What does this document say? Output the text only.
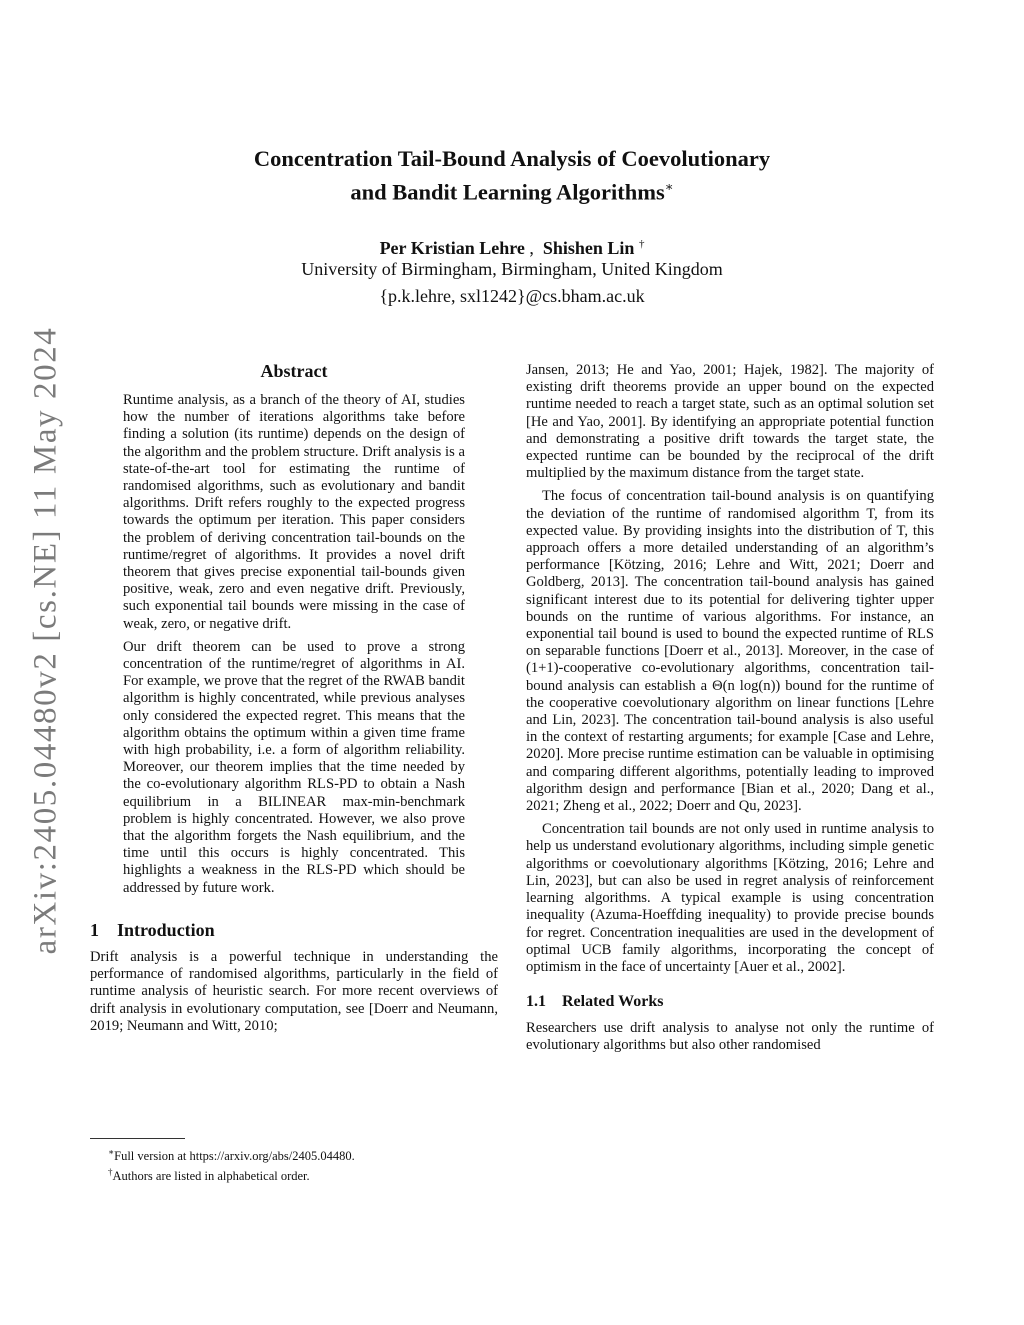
arXiv:2405.04480v2 [cs.NE] 11 May 2024
Concentration Tail-Bound Analysis of Coevolutionary
and Bandit Learning Algorithms∗
Per Kristian Lehre ,  Shishen Lin †
University of Birmingham, Birmingham, United Kingdom
{p.k.lehre, sxl1242}@cs.bham.ac.uk
Abstract

Runtime analysis, as a branch of the theory of AI, studies how the number of iterations algorithms take before finding a solution (its runtime) depends on the design of the algorithm and the problem structure. Drift analysis is a state-of-the-art tool for estimating the runtime of randomised algorithms, such as evolutionary and bandit algorithms. Drift refers roughly to the expected progress towards the optimum per iteration. This paper considers the problem of deriving concentration tail-bounds on the runtime/regret of algorithms. It provides a novel drift theorem that gives precise exponential tail-bounds given positive, weak, zero and even negative drift. Previously, such exponential tail bounds were missing in the case of weak, zero, or negative drift.

Our drift theorem can be used to prove a strong concentration of the runtime/regret of algorithms in AI. For example, we prove that the regret of the RWAB bandit algorithm is highly concentrated, while previous analyses only considered the expected regret. This means that the algorithm obtains the optimum within a given time frame with high probability, i.e. a form of algorithm reliability. Moreover, our theorem implies that the time needed by the co-evolutionary algorithm RLS-PD to obtain a Nash equilibrium in a BILINEAR max-min-benchmark problem is highly concentrated. However, we also prove that the algorithm forgets the Nash equilibrium, and the time until this occurs is highly concentrated. This highlights a weakness in the RLS-PD which should be addressed by future work.

1    Introduction

Drift analysis is a powerful technique in understanding the performance of randomised algorithms, particularly in the field of runtime analysis of heuristic search. For more recent overviews of drift analysis in evolutionary computation, see [Doerr and Neumann, 2019; Neumann and Witt, 2010;

∗Full version at https://arxiv.org/abs/2405.04480.
†Authors are listed in alphabetical order.

Jansen, 2013; He and Yao, 2001; Hajek, 1982]. The majority of existing drift theorems provide an upper bound on the expected runtime needed to reach a target state, such as an optimal solution set [He and Yao, 2001]. By identifying an appropriate potential function and demonstrating a positive drift towards the target state, the expected runtime can be bounded by the reciprocal of the drift multiplied by the maximum distance from the target state.

The focus of concentration tail-bound analysis is on quantifying the deviation of the runtime of randomised algorithm T, from its expected value. By providing insights into the distribution of T, this approach offers a more detailed understanding of an algorithm’s performance [Kötzing, 2016; Lehre and Witt, 2021; Doerr and Goldberg, 2013]. The concentration tail-bound analysis has gained significant interest due to its potential for delivering tighter upper bounds on the runtime of various algorithms. For instance, an exponential tail bound is used to bound the expected runtime of RLS on separable functions [Doerr et al., 2013]. Moreover, in the case of (1+1)-cooperative co-evolutionary algorithms, concentration tail-bound analysis can establish a Θ(n log(n)) bound for the runtime of the cooperative coevolutionary algorithm on linear functions [Lehre and Lin, 2023]. The concentration tail-bound analysis is also useful in the context of restarting arguments; for example [Case and Lehre, 2020]. More precise runtime estimation can be valuable in optimising and comparing different algorithms, potentially leading to improved algorithm design and performance [Bian et al., 2020; Dang et al., 2021; Zheng et al., 2022; Doerr and Qu, 2023].

Concentration tail bounds are not only used in runtime analysis to help us understand evolutionary algorithms, including simple genetic algorithms or coevolutionary algorithms [Kötzing, 2016; Lehre and Lin, 2023], but can also be used in regret analysis of reinforcement learning algorithms. A typical example is using concentration inequality (Azuma-Hoeffding inequality) to provide precise bounds for regret. Concentration inequalities are used in the development of optimal UCB family algorithms, incorporating the concept of optimism in the face of uncertainty [Auer et al., 2002].

1.1    Related Works

Researchers use drift analysis to analyse not only the runtime of evolutionary algorithms but also other randomised
